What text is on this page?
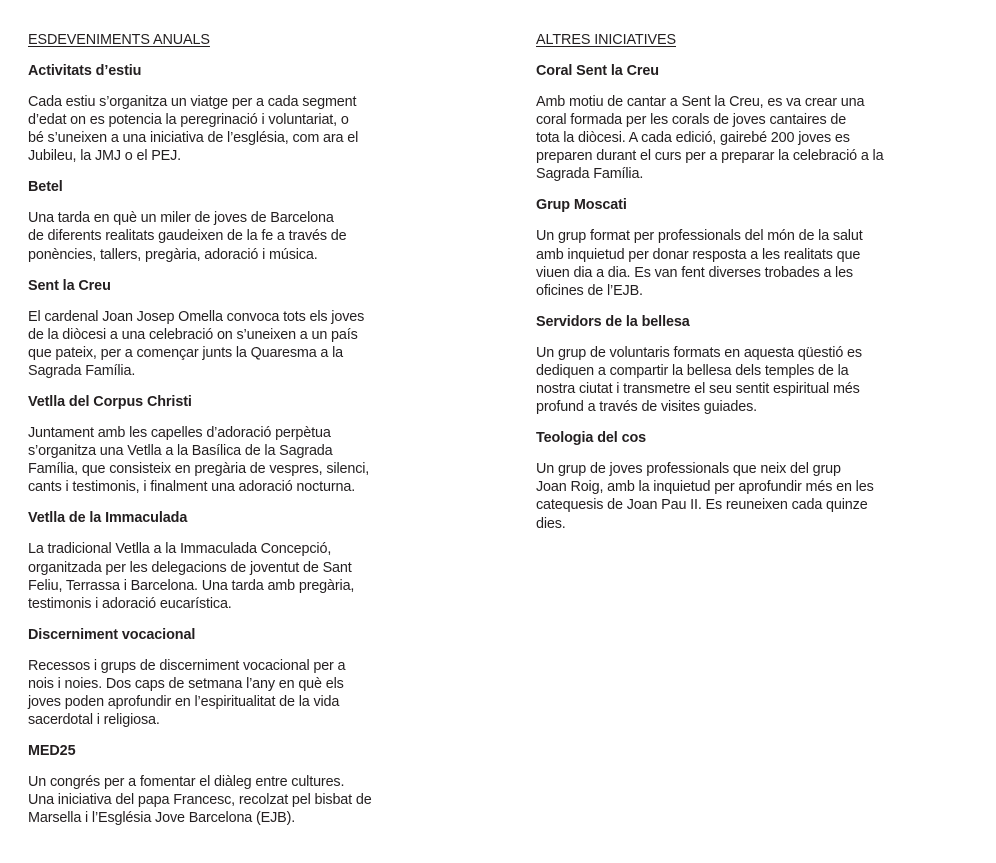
ESDEVENIMENTS ANUALS
Activitats d’estiu
Cada estiu s’organitza un viatge per a cada segment
d’edat on es potencia la peregrinació i voluntariat, o
bé s’uneixen a una iniciativa de l’església, com ara el
Jubileu, la JMJ o el PEJ.
Betel
Una tarda en què un miler de joves de Barcelona
de diferents realitats gaudeixen de la fe a través de
ponències, tallers, pregària, adoració i música.
Sent la Creu
El cardenal Joan Josep Omella convoca tots els joves
de la diòcesi a una celebració on s’uneixen a un país
que pateix, per a començar junts la Quaresma a la
Sagrada Família.
Vetlla del Corpus Christi
Juntament amb les capelles d’adoració perpètua
s’organitza una Vetlla a la Basílica de la Sagrada
Família, que consisteix en pregària de vespres, silenci,
cants i testimonis, i finalment una adoració nocturna.
Vetlla de la Immaculada
La tradicional Vetlla a la Immaculada Concepció,
organitzada per les delegacions de joventut de Sant
Feliu, Terrassa i Barcelona. Una tarda amb pregària,
testimonis i adoració eucarística.
Discerniment vocacional
Recessos i grups de discerniment vocacional per a
nois i noies. Dos caps de setmana l’any en què els
joves poden aprofundir en l’espiritualitat de la vida
sacerdotal i religiosa.
MED25
Un congrés per a fomentar el diàleg entre cultures.
Una iniciativa del papa Francesc, recolzat pel bisbat de
Marsella i l’Església Jove Barcelona (EJB).
ALTRES INICIATIVES
Coral Sent la Creu
Amb motiu de cantar a Sent la Creu, es va crear una
coral formada per les corals de joves cantaires de
tota la diòcesi. A cada edició, gairebé 200 joves es
preparen durant el curs per a preparar la celebració a la
Sagrada Família.
Grup Moscati
Un grup format per professionals del món de la salut
amb inquietud per donar resposta a les realitats que
viuen dia a dia. Es van fent diverses trobades a les
oficines de l’EJB.
Servidors de la bellesa
Un grup de voluntaris formats en aquesta qüestió es
dediquen a compartir la bellesa dels temples de la
nostra ciutat i transmetre el seu sentit espiritual més
profund a través de visites guiades.
Teologia del cos
Un grup de joves professionals que neix del grup
Joan Roig, amb la inquietud per aprofundir més en les
catequesis de Joan Pau II. Es reuneixen cada quinze
dies.
